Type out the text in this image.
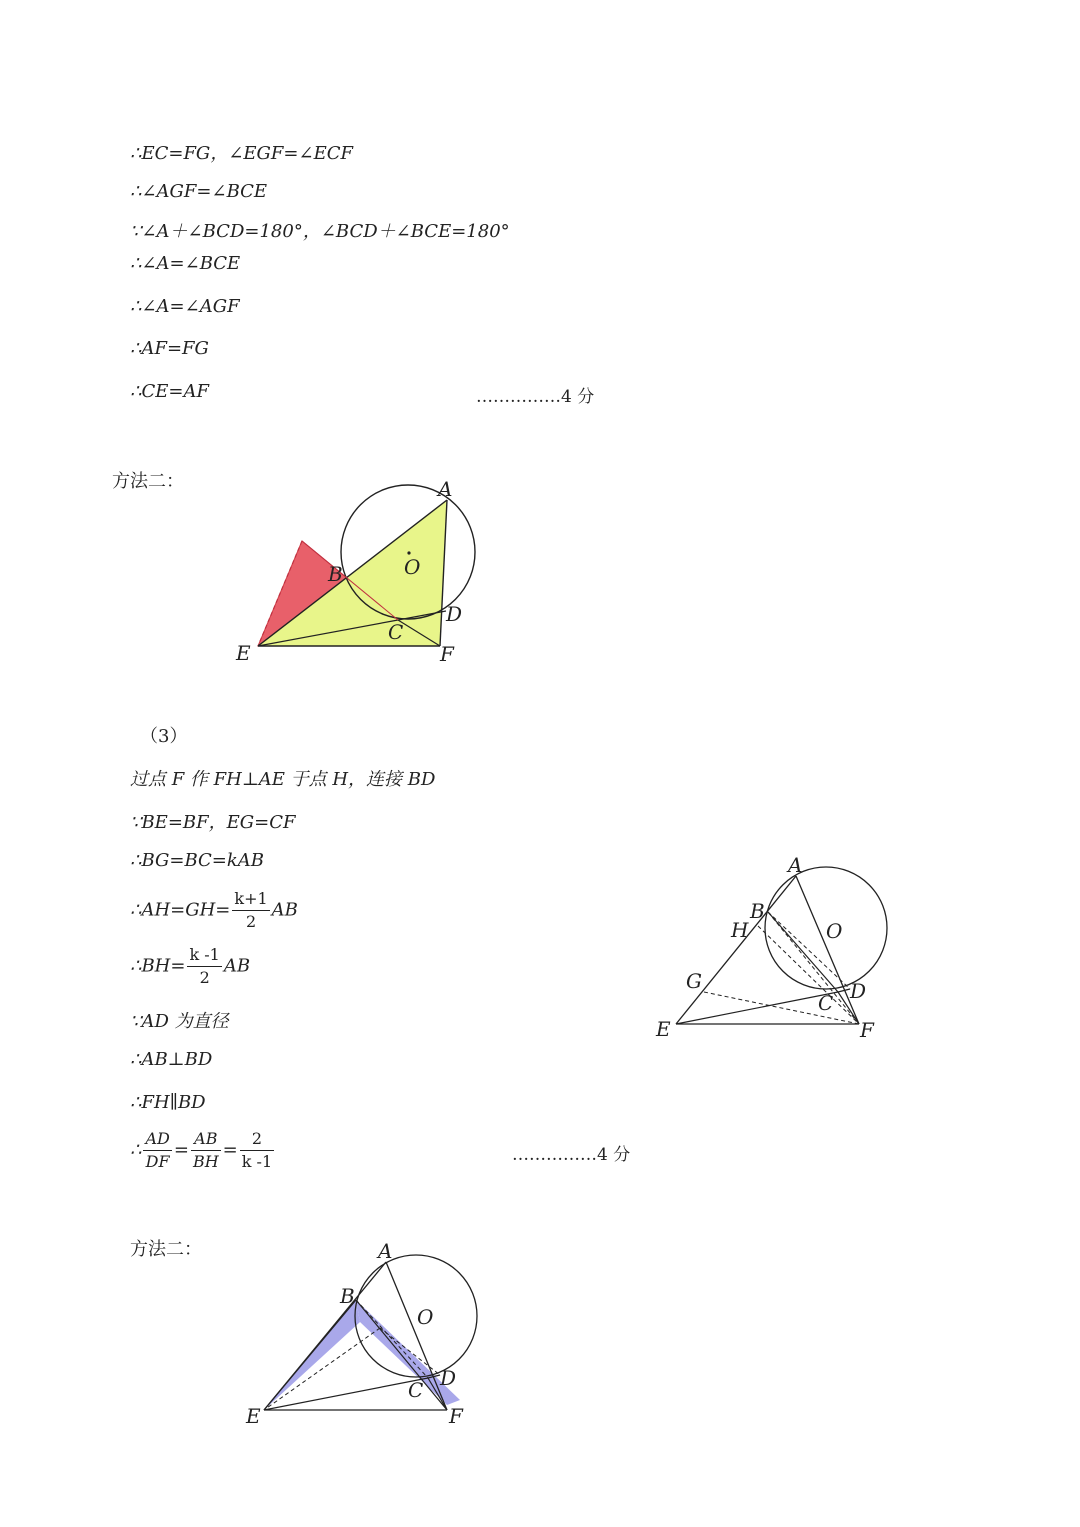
∴EC=FG，∠EGF=∠ECF
∴∠AGF=∠BCE
∵∠A＋∠BCD=180°，∠BCD＋∠BCE=180°
∴∠A=∠BCE
∴∠A=∠AGF
∴AF=FG
∴CE=AF	……………4 分
方法二：	A
B	O
D
C
E	F
（3）
过点 F 作 FH⊥AE 于点 H，连接 BD
∵BE=BF，EG=CF
∴BG=BC=kAB
∴AH=GH= $\frac{k+1}{2}$ AB
∴BH= $\frac{k -1}{2}$ AB
∵AD 为直径
∴AB⊥BD
∴FH∥BD
∴ $\frac{AD}{DF} = \frac{AB}{BH} = \frac{2}{k -1}$	……………4 分
A
B
H	O
G
C D
E	F
方法二：	A
B
O
C D
E	F
